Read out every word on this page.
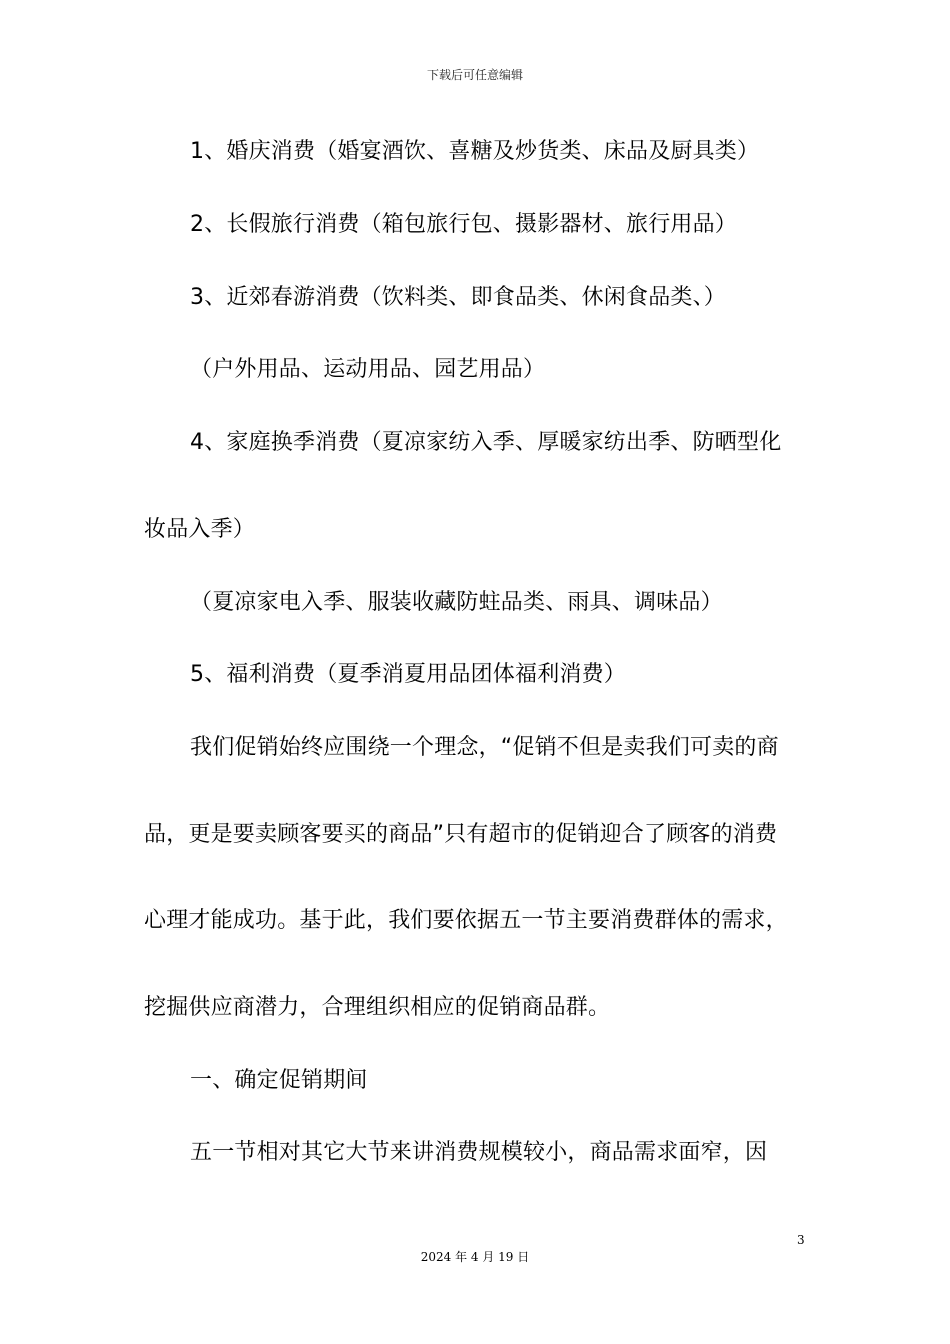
下载后可任意编辑
1、婚庆消费（婚宴酒饮、喜糖及炒货类、床品及厨具类）
2、长假旅行消费（箱包旅行包、摄影器材、旅行用品）
3、近郊春游消费（饮料类、即食品类、休闲食品类、）
（户外用品、运动用品、园艺用品）
4、家庭换季消费（夏凉家纺入季、厚暖家纺出季、防晒型化
妆品入季）
（夏凉家电入季、服装收藏防蛀品类、雨具、调味品）
5、福利消费（夏季消夏用品团体福利消费）
我们促销始终应围绕一个理念，“促销不但是卖我们可卖的商
品，更是要卖顾客要买的商品”只有超市的促销迎合了顾客的消费
心理才能成功。基于此，我们要依据五一节主要消费群体的需求，
挖掘供应商潜力，合理组织相应的促销商品群。
一、确定促销期间
五一节相对其它大节来讲消费规模较小，商品需求面窄，因
3
2024 年 4 月 19 日
